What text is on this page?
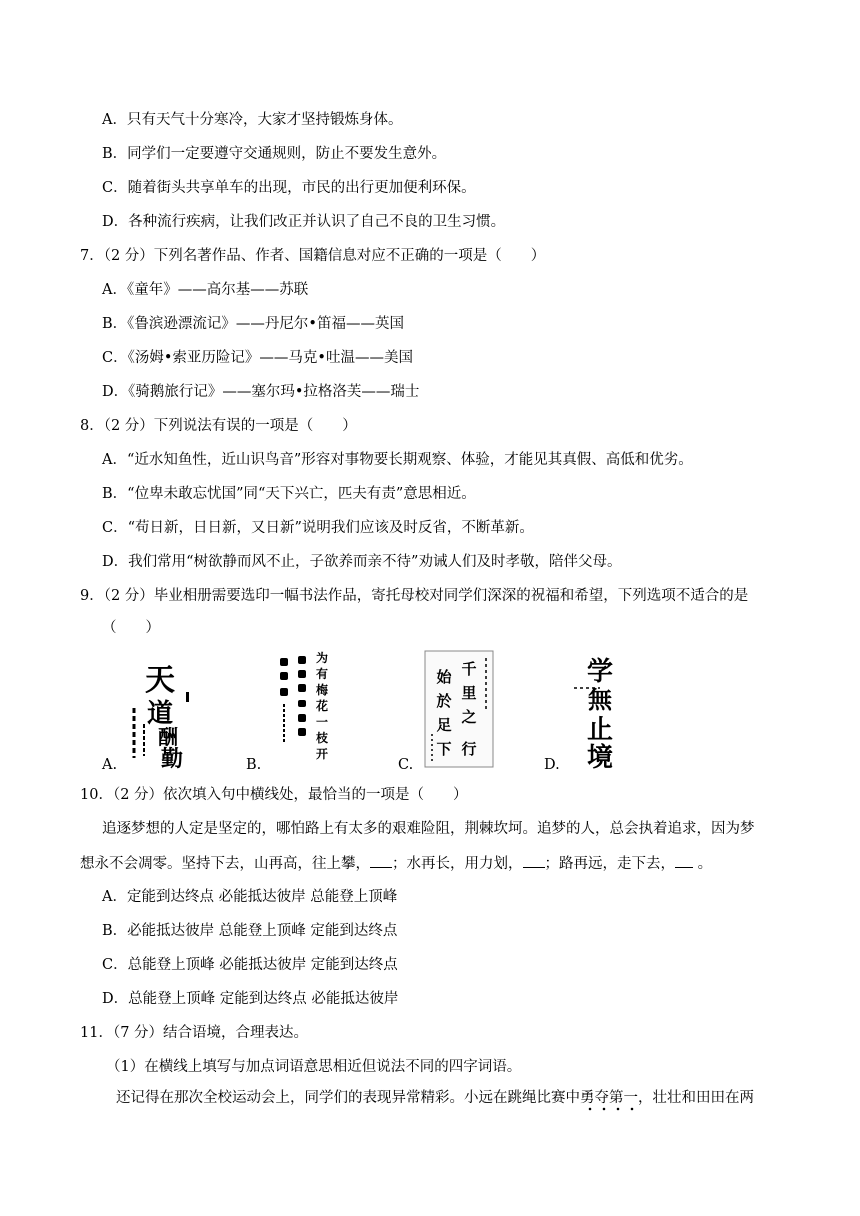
A．只有天气十分寒冷，大家才坚持锻炼身体。
B．同学们一定要遵守交通规则，防止不要发生意外。
C．随着街头共享单车的出现，市民的出行更加便利环保。
D．各种流行疾病，让我们改正并认识了自己不良的卫生习惯。
7．（2 分）下列名著作品、作者、国籍信息对应不正确的一项是（　　）
A．《童年》——高尔基——苏联
B．《鲁滨逊漂流记》——丹尼尔•笛福——英国
C．《汤姆•索亚历险记》——马克•吐温——美国
D．《骑鹅旅行记》——塞尔玛•拉格洛芙——瑞士
8．（2 分）下列说法有误的一项是（　　）
A．“近水知鱼性，近山识鸟音”形容对事物要长期观察、体验，才能见其真假、高低和优劣。
B．“位卑未敢忘忧国”同“天下兴亡，匹夫有责”意思相近。
C．“苟日新，日日新，又日新”说明我们应该及时反省，不断革新。
D．我们常用“树欲静而风不止，子欲养而亲不待”劝诫人们及时孝敬，陪伴父母。
9．（2 分）毕业相册需要选印一幅书法作品，寄托母校对同学们深深的祝福和希望，下列选项不适合的是
（　　）
A.
天
道
酬
勤	B.
为
有
梅
花
一
枝
开
C.
千
里
之
行
始
於
足
下
D.
学
無
止
境
10．（2 分）依次填入句中横线处，最恰当的一项是（　　）
追逐梦想的人定是坚定的，哪怕路上有太多的艰难险阻，荆棘坎坷。追梦的人，总会执着追求，因为梦
想永不会凋零。坚持下去，山再高，往上攀， ；水再长，用力划， ；路再远，走下去， 。
A．定能到达终点 必能抵达彼岸 总能登上顶峰
B．必能抵达彼岸 总能登上顶峰 定能到达终点
C．总能登上顶峰 必能抵达彼岸 定能到达终点
D．总能登上顶峰 定能到达终点 必能抵达彼岸
11．（7 分）结合语境，合理表达。
（1）在横线上填写与加点词语意思相近但说法不同的四字词语。
还记得在那次全校运动会上，同学们的表现异常精彩。小远在跳绳比赛中勇夺第一，壮壮和田田在两
